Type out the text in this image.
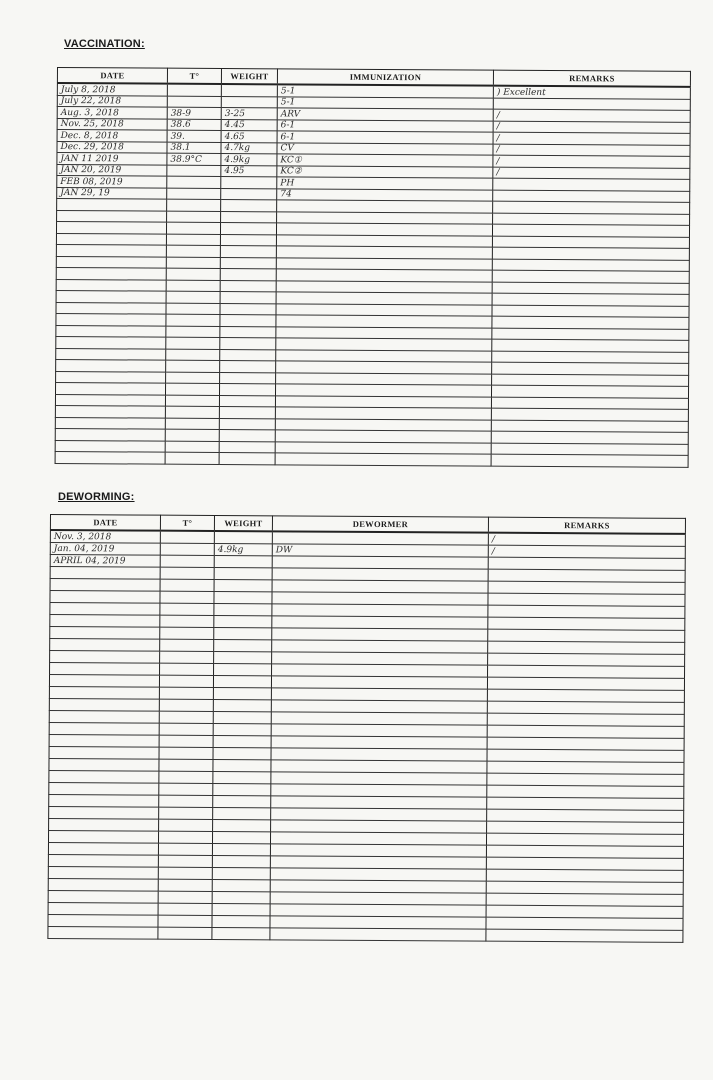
VACCINATION:
DATE	T°	WEIGHT	IMMUNIZATION	REMARKS
July 8, 2018			5-1	) Excellent
July 22, 2018			5-1	
Aug. 3, 2018	38-9	3-25	ARV	/
Nov. 25, 2018	38.6	4.45	6-1	/
Dec. 8, 2018	39.	4.65	6-1	/
Dec. 29, 2018	38.1	4.7kg	CV	/
JAN 11 2019	38.9°C	4.9kg	KC①	/
JAN 20, 2019		4.95	KC②	/
FEB 08, 2019			PH	
JAN 29, 19			74	

DEWORMING:
DATE	T°	WEIGHT	DEWORMER	REMARKS
Nov. 3, 2018				/
Jan. 04, 2019		4.9kg	DW	/
APRIL 04, 2019				
